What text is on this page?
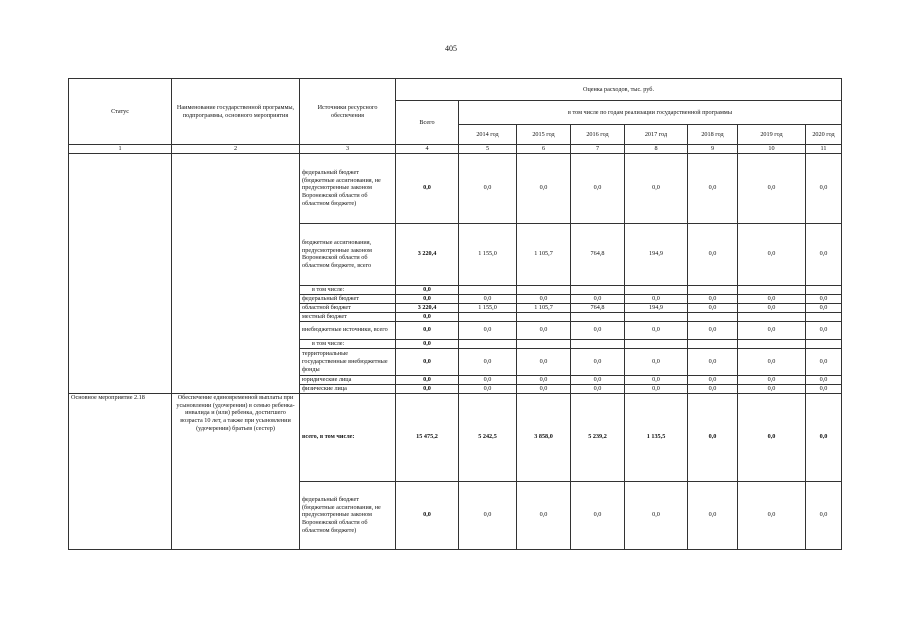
405
Статус	Наименование государственной программы, подпрограммы, основного мероприятия	Источники ресурсного обеспечения	Оценка расходов, тыс. руб.							
			Всего	в том числе по годам реализации государственной программы						
				2014 год	2015 год	2016 год	2017 год	2018 год	2019 год	2020 год
1	2	3	4	5	6	7	8	9	10	11
		федеральный бюджет (бюджетные ассигнования, не предусмотренные законом Воронежской области об областном бюджете)	0,0	0,0	0,0	0,0	0,0	0,0	0,0	0,0
		бюджетные ассигнования, предусмотренные законом Воронежской области об областном бюджете, всего	3 220,4	1 155,0	1 105,7	764,8	194,9	0,0	0,0	0,0
		в том числе:	0,0							
		федеральный бюджет	0,0	0,0	0,0	0,0	0,0	0,0	0,0	0,0
		областной бюджет	3 220,4	1 155,0	1 105,7	764,8	194,9	0,0	0,0	0,0
		местный бюджет	0,0							
		внебюджетные источники, всего	0,0	0,0	0,0	0,0	0,0	0,0	0,0	0,0
		в том числе:	0,0							
		территориальные государственные внебюджетные фонды	0,0	0,0	0,0	0,0	0,0	0,0	0,0	0,0
		юридические лица	0,0	0,0	0,0	0,0	0,0	0,0	0,0	0,0
		физические лица	0,0	0,0	0,0	0,0	0,0	0,0	0,0	0,0
Основное мероприятие 2.18	Обеспечение единовременной выплаты при усыновлении (удочерении) в семью ребенка-инвалида и (или) ребенка, достигшего возраста 10 лет, а также при усыновлении (удочерении) братьев (сестер)	всего, в том числе:	15 475,2	5 242,5	3 858,0	5 239,2	1 135,5	0,0	0,0	0,0
		федеральный бюджет (бюджетные ассигнования, не предусмотренные законом Воронежской области об областном бюджете)	0,0	0,0	0,0	0,0	0,0	0,0	0,0	0,0
